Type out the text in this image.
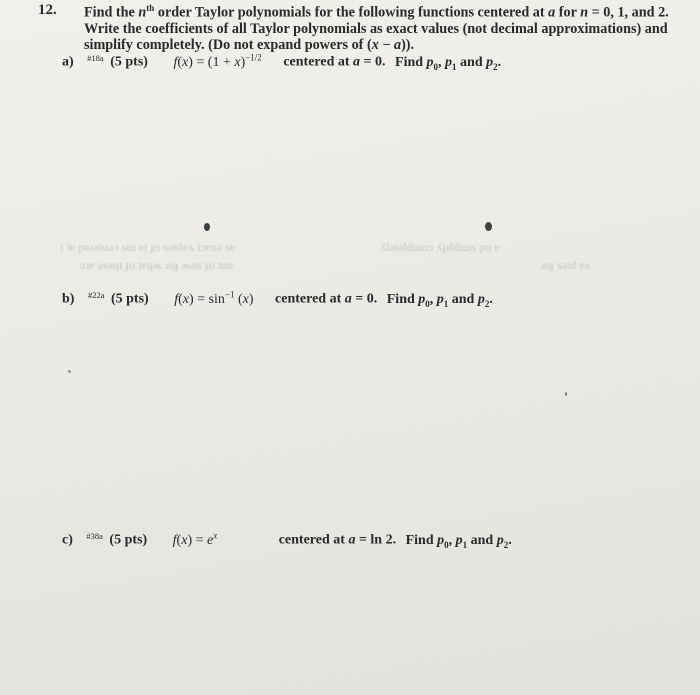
ᴉ ʇɐ pǝɹǝʇuǝɔ sɯ ɐᴉ ɟo sǝnlɐʌ ʇɔɐxǝ sɐ
ǝɹɐ ǝsǝɥʇ ɟo ʇɐɥʍ ɹoɟ ʍǝu ɟo ʇno
ʎlǝʇǝldɯoɔ ʎɟᴉldɯᴉs pu ɐ
ɹoɟ sǝnl ɐʌ
12. Find the $n^{th}$ order Taylor polynomials for the following functions centered at a for n = 0, 1, and 2.
Write the coefficients of all Taylor polynomials as exact values (not decimal approximations) and
simplify completely. (Do not expand powers of (x − a)).
a) $^{\#18a}$ (5 pts) $f(x) = (1 + x)^{-1/2}$ centered at a = 0. Find $p_0$, $p_1$ and $p_2$.
b) $^{\#22a}$ (5 pts) $f(x) = \sin^{-1} (x)$ centered at a = 0. Find $p_0$, $p_1$ and $p_2$.
c) $^{\#38a}$ (5 pts) $f(x) = e^x$	centered at a = ln 2. Find $p_0$, $p_1$ and $p_2$.
